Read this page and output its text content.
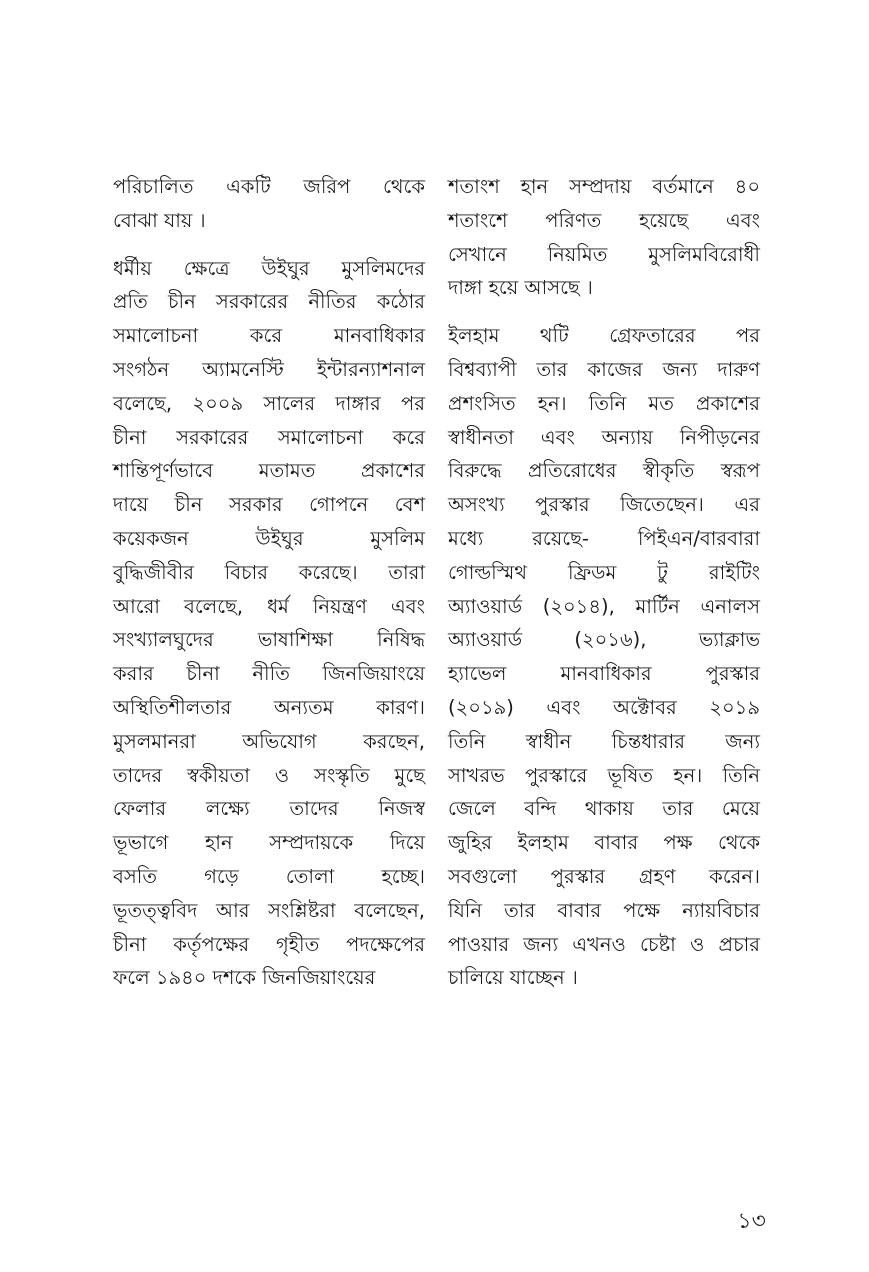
পরিচালিত একটি জরিপ থেকে
বোঝা যায় ।

ধর্মীয় ক্ষেত্রে উইঘুর মুসলিমদের
প্রতি চীন সরকারের নীতির কঠোর
সমালোচনা করে মানবাধিকার
সংগঠন অ্যামনেস্টি ইন্টারন্যাশনাল
বলেছে, ২০০৯ সালের দাঙ্গার পর
চীনা সরকারের সমালোচনা করে
শান্তিপূর্ণভাবে মতামত প্রকাশের
দায়ে চীন সরকার গোপনে বেশ
কয়েকজন উইঘুর মুসলিম
বুদ্ধিজীবীর বিচার করেছে। তারা
আরো বলেছে, ধর্ম নিয়ন্ত্রণ এবং
সংখ্যালঘুদের ভাষাশিক্ষা নিষিদ্ধ
করার চীনা নীতি জিনজিয়াংয়ে
অস্থিতিশীলতার অন্যতম কারণ।
মুসলমানরা অভিযোগ করছেন,
তাদের স্বকীয়তা ও সংস্কৃতি মুছে
ফেলার লক্ষ্যে তাদের নিজস্ব
ভূভাগে হান সম্প্রদায়কে দিয়ে
বসতি গড়ে তোলা হচ্ছে।
ভূতত্ত্ববিদ আর সংশ্লিষ্টরা বলেছেন,
চীনা কর্তৃপক্ষের গৃহীত পদক্ষেপের
ফলে ১৯৪০ দশকে জিনজিয়াংয়ের

শতাংশ হান সম্প্রদায় বর্তমানে ৪০
শতাংশে পরিণত হয়েছে এবং
সেখানে নিয়মিত মুসলিমবিরোধী
দাঙ্গা হয়ে আসছে ।

ইলহাম থটি গ্রেফতারের পর
বিশ্বব্যাপী তার কাজের জন্য দারুণ
প্রশংসিত হন। তিনি মত প্রকাশের
স্বাধীনতা এবং অন্যায় নিপীড়নের
বিরুদ্ধে প্রতিরোধের স্বীকৃতি স্বরূপ
অসংখ্য পুরস্কার জিতেছেন। এর
মধ্যে রয়েছে- পিইএন/বারবারা
গোল্ডস্মিথ ফ্রিডম টু রাইটিং
অ্যাওয়ার্ড (২০১৪), মার্টিন এনালস
অ্যাওয়ার্ড (২০১৬), ভ্যাক্লাভ
হ্যাভেল মানবাধিকার পুরস্কার
(২০১৯) এবং অক্টোবর ২০১৯
তিনি স্বাধীন চিন্তধারার জন্য
সাখরভ পুরস্কারে ভূষিত হন। তিনি
জেলে বন্দি থাকায় তার মেয়ে
জুহির ইলহাম বাবার পক্ষ থেকে
সবগুলো পুরস্কার গ্রহণ করেন।
যিনি তার বাবার পক্ষে ন্যায়বিচার
পাওয়ার জন্য এখনও চেষ্টা ও প্রচার
চালিয়ে যাচ্ছেন ।

১৩
